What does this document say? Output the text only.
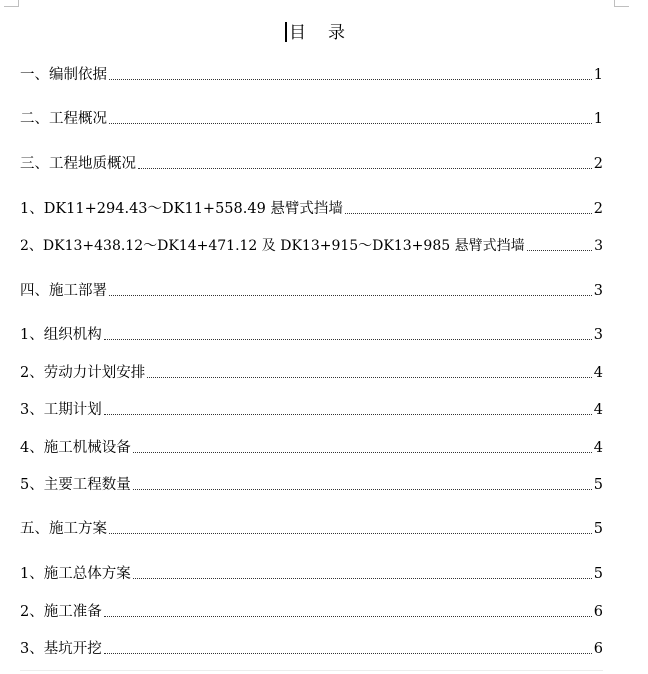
目 录
一、编制依据	1
二、工程概况	1
三、工程地质概况	2
1、DK11+294.43～DK11+558.49 悬臂式挡墙	2
2、DK13+438.12～DK14+471.12 及 DK13+915～DK13+985 悬臂式挡墙	3
四、施工部署	3
1、组织机构	3
2、劳动力计划安排	4
3、工期计划	4
4、施工机械设备	4
5、主要工程数量	5
五、施工方案	5
1、施工总体方案	5
2、施工准备	6
3、基坑开挖	6
